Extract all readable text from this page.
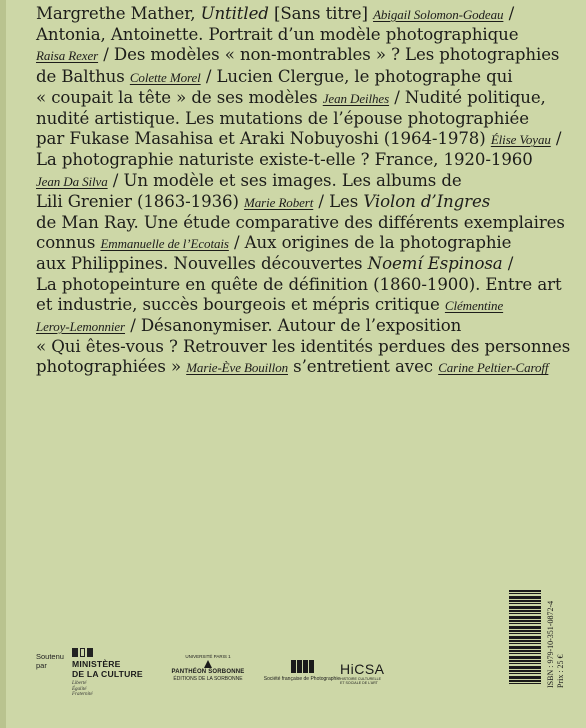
Margrethe Mather, Untitled [Sans titre] Abigail Solomon-Godeau /
Antonia, Antoinette. Portrait d’un modèle photographique
Raisa Rexer / Des modèles « non-montrables » ? Les photographies
de Balthus Colette Morel / Lucien Clergue, le photographe qui
« coupait la tête » de ses modèles Jean Deilhes / Nudité politique,
nudité artistique. Les mutations de l’épouse photographiée
par Fukase Masahisa et Araki Nobuyoshi (1964-1978) Élise Voyau /
La photographie naturiste existe-t-elle ? France, 1920-1960
Jean Da Silva / Un modèle et ses images. Les albums de
Lili Grenier (1863-1936) Marie Robert / Les Violon d’Ingres
de Man Ray. Une étude comparative des différents exemplaires
connus Emmanuelle de l’Ecotais / Aux origines de la photographie
aux Philippines. Nouvelles découvertes Noemí Espinosa /
La photopeinture en quête de définition (1860-1900). Entre art
et industrie, succès bourgeois et mépris critique Clémentine
Leroy-Lemonnier / Désanonymiser. Autour de l’exposition
« Qui êtes-vous ? Retrouver les identités perdues des personnes
photographiées » Marie-Ève Bouillon s’entretient avec Carine Peltier-Caroff
Soutenu
par	MINISTÈRE
DE LA CULTURE
Liberté
Égalité
Fraternité
UNIVERSITÉ PARIS 1
PANTHÉON SORBONNE
ÉDITIONS DE LA SORBONNE	Société française de Photographie
HiCSA
HISTOIRE CULTURELLE
ET SOCIALE DE L’ART	ISBN : 979-10-351-0872-4 Prix : 25 €
